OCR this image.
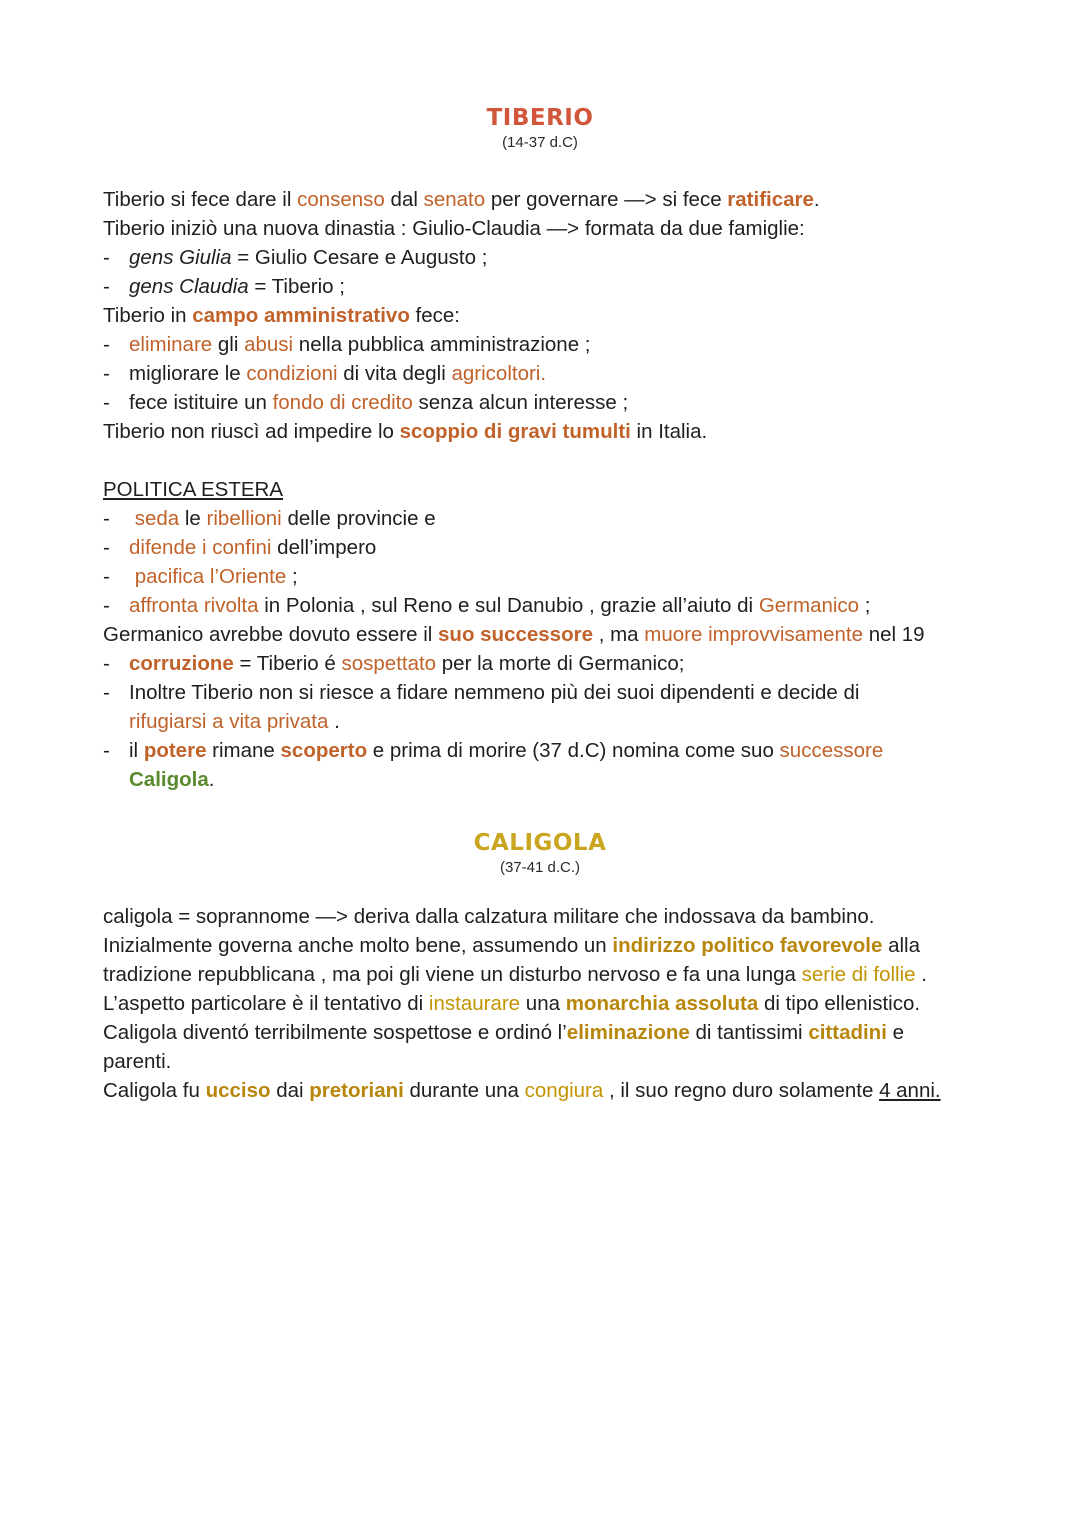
TIBERIO
(14-37 d.C)
Tiberio si fece dare il consenso dal senato per governare —> si fece ratificare.
Tiberio iniziò una nuova dinastia : Giulio-Claudia —> formata da due famiglie:
- gens Giulia = Giulio Cesare e Augusto ;
- gens Claudia = Tiberio ;
Tiberio in campo amministrativo fece:
- eliminare gli abusi nella pubblica amministrazione ;
- migliorare le condizioni di vita degli agricoltori.
- fece istituire un fondo di credito senza alcun interesse ;
Tiberio non riuscì ad impedire lo scoppio di gravi tumulti in Italia.
POLITICA ESTERA
- seda le ribellioni delle provincie e
- difende i confini dell’impero
- pacifica l’Oriente ;
- affronta rivolta in Polonia , sul Reno e sul Danubio , grazie all’aiuto di Germanico ;
Germanico avrebbe dovuto essere il suo successore , ma muore improvvisamente nel 19
- corruzione = Tiberio é sospettato per la morte di Germanico;
- Inoltre Tiberio non si riesce a fidare nemmeno più dei suoi dipendenti e decide di rifugiarsi a vita privata .
- il potere rimane scoperto e prima di morire (37 d.C) nomina come suo successore Caligola.
CALIGOLA
(37-41 d.C.)
caligola = soprannome —> deriva dalla calzatura militare che indossava da bambino.
Inizialmente governa anche molto bene, assumendo un indirizzo politico favorevole alla tradizione repubblicana , ma poi gli viene un disturbo nervoso e fa una lunga serie di follie .
L’aspetto particolare è il tentativo di instaurare una monarchia assoluta di tipo ellenistico.
Caligola diventó terribilmente sospettose e ordinó l’eliminazione di tantissimi cittadini e parenti.
Caligola fu ucciso dai pretoriani durante una congiura , il suo regno duro solamente 4 anni.
